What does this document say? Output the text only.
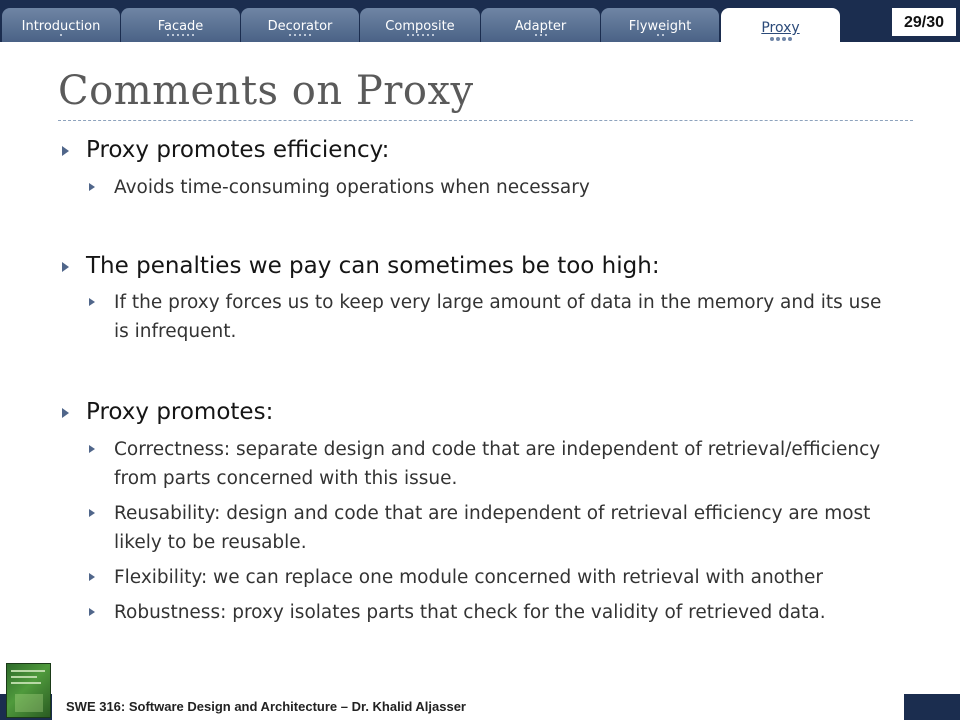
Introduction	Facade	Decorator	Composite	Adapter	Flyweight	Proxy	29/30
Comments on Proxy
Proxy promotes efficiency:
Avoids time-consuming operations when necessary
The penalties we pay can sometimes be too high:
If the proxy forces us to keep very large amount of data in the memory and its use is infrequent.
Proxy promotes:
Correctness: separate design and code that are independent of retrieval/efficiency from parts concerned with this issue.
Reusability: design and code that are independent of retrieval efficiency are most likely to be reusable.
Flexibility: we can replace one module concerned with retrieval with another
Robustness: proxy isolates parts that check for the validity of retrieved data.
SWE 316: Software Design and Architecture – Dr. Khalid Aljasser
